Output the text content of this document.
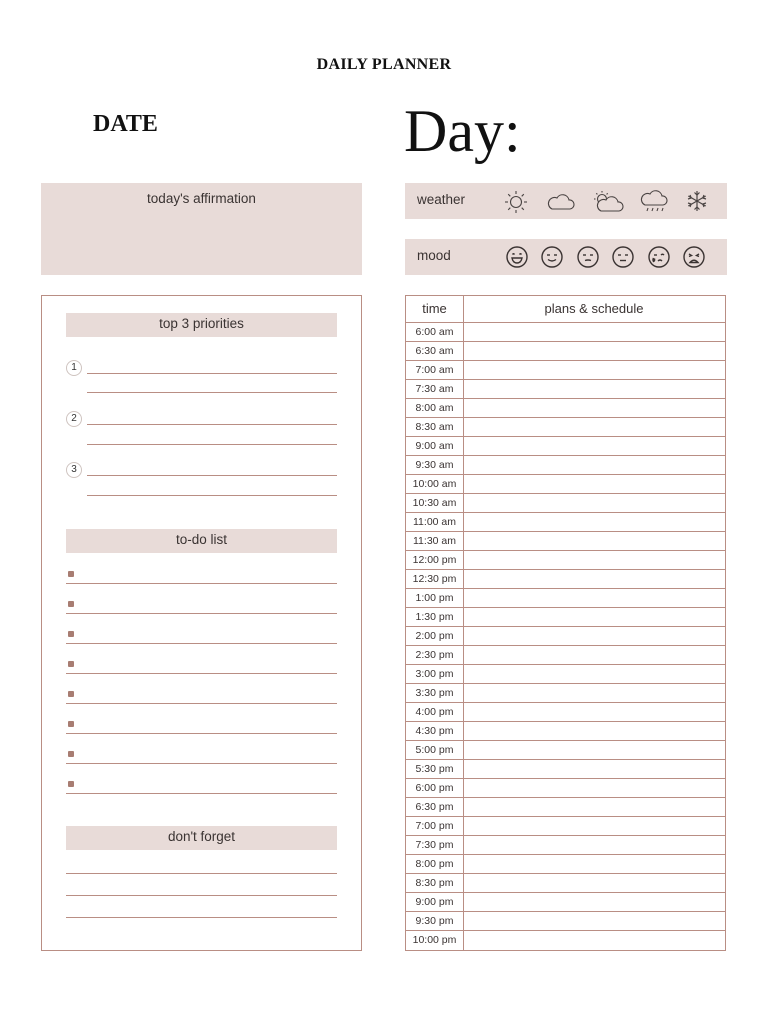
DAILY PLANNER
DATE	Day:
today's affirmation	weather
mood
top 3 priorities
1
2
3
to-do list
don't forget
time	plans & schedule
6:00 am
6:30 am
7:00 am
7:30 am
8:00 am
8:30 am
9:00 am
9:30 am
10:00 am
10:30 am
11:00 am
11:30 am
12:00 pm
12:30 pm
1:00 pm
1:30 pm
2:00 pm
2:30 pm
3:00 pm
3:30 pm
4:00 pm
4:30 pm
5:00 pm
5:30 pm
6:00 pm
6:30 pm
7:00 pm
7:30 pm
8:00 pm
8:30 pm
9:00 pm
9:30 pm
10:00 pm
